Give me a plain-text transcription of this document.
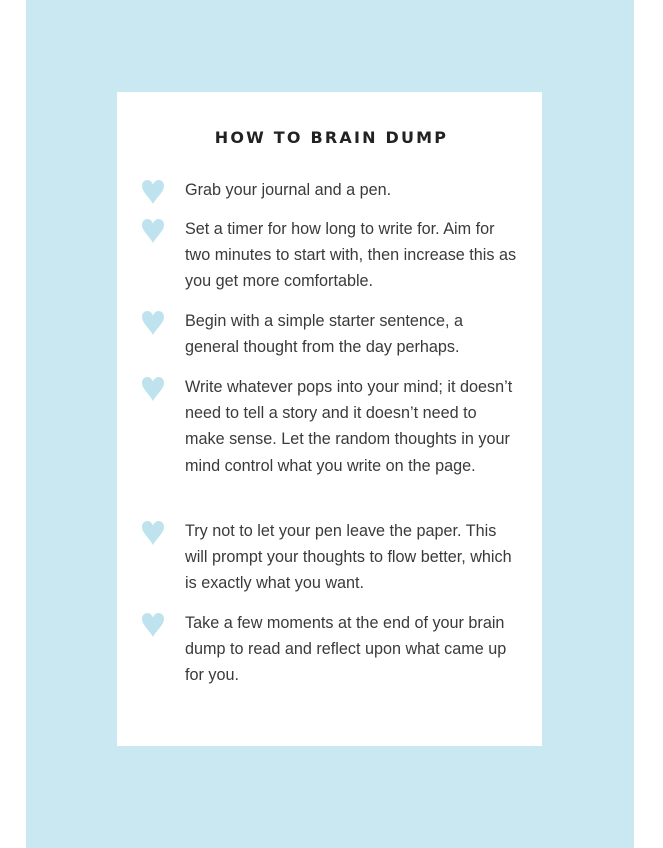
HOW TO BRAIN DUMP

Grab your journal and a pen.

Set a timer for how long to write for. Aim for two minutes to start with, then increase this as you get more comfortable.

Begin with a simple starter sentence, a general thought from the day perhaps.

Write whatever pops into your mind; it doesn’t need to tell a story and it doesn’t need to make sense. Let the random thoughts in your mind control what you write on the page.

Try not to let your pen leave the paper. This will prompt your thoughts to flow better, which is exactly what you want.

Take a few moments at the end of your brain dump to read and reflect upon what came up for you.
